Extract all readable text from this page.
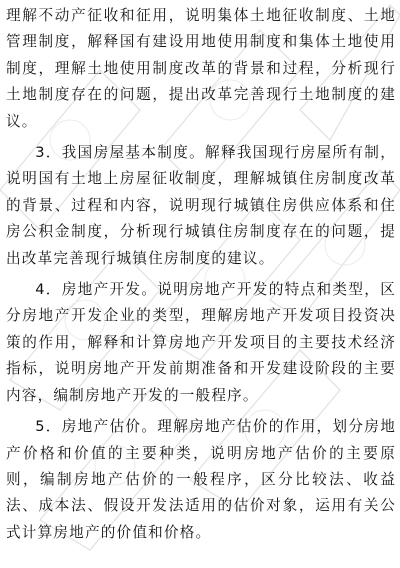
理解不动产征收和征用，说明集体土地征收制度、土地管理制度，解释国有建设用地使用制度和集体土地使用制度，理解土地使用制度改革的背景和过程，分析现行土地制度存在的问题，提出改革完善现行土地制度的建议。

3．我国房屋基本制度。解释我国现行房屋所有制，说明国有土地上房屋征收制度，理解城镇住房制度改革的背景、过程和内容，说明现行城镇住房供应体系和住房公积金制度，分析现行城镇住房制度存在的问题，提出改革完善现行城镇住房制度的建议。

4．房地产开发。说明房地产开发的特点和类型，区分房地产开发企业的类型，理解房地产开发项目投资决策的作用，解释和计算房地产开发项目的主要技术经济指标，说明房地产开发前期准备和开发建设阶段的主要内容，编制房地产开发的一般程序。

5．房地产估价。理解房地产估价的作用，划分房地产价格和价值的主要种类，说明房地产估价的主要原则，编制房地产估价的一般程序，区分比较法、收益法、成本法、假设开发法适用的估价对象，运用有关公式计算房地产的价值和价格。
